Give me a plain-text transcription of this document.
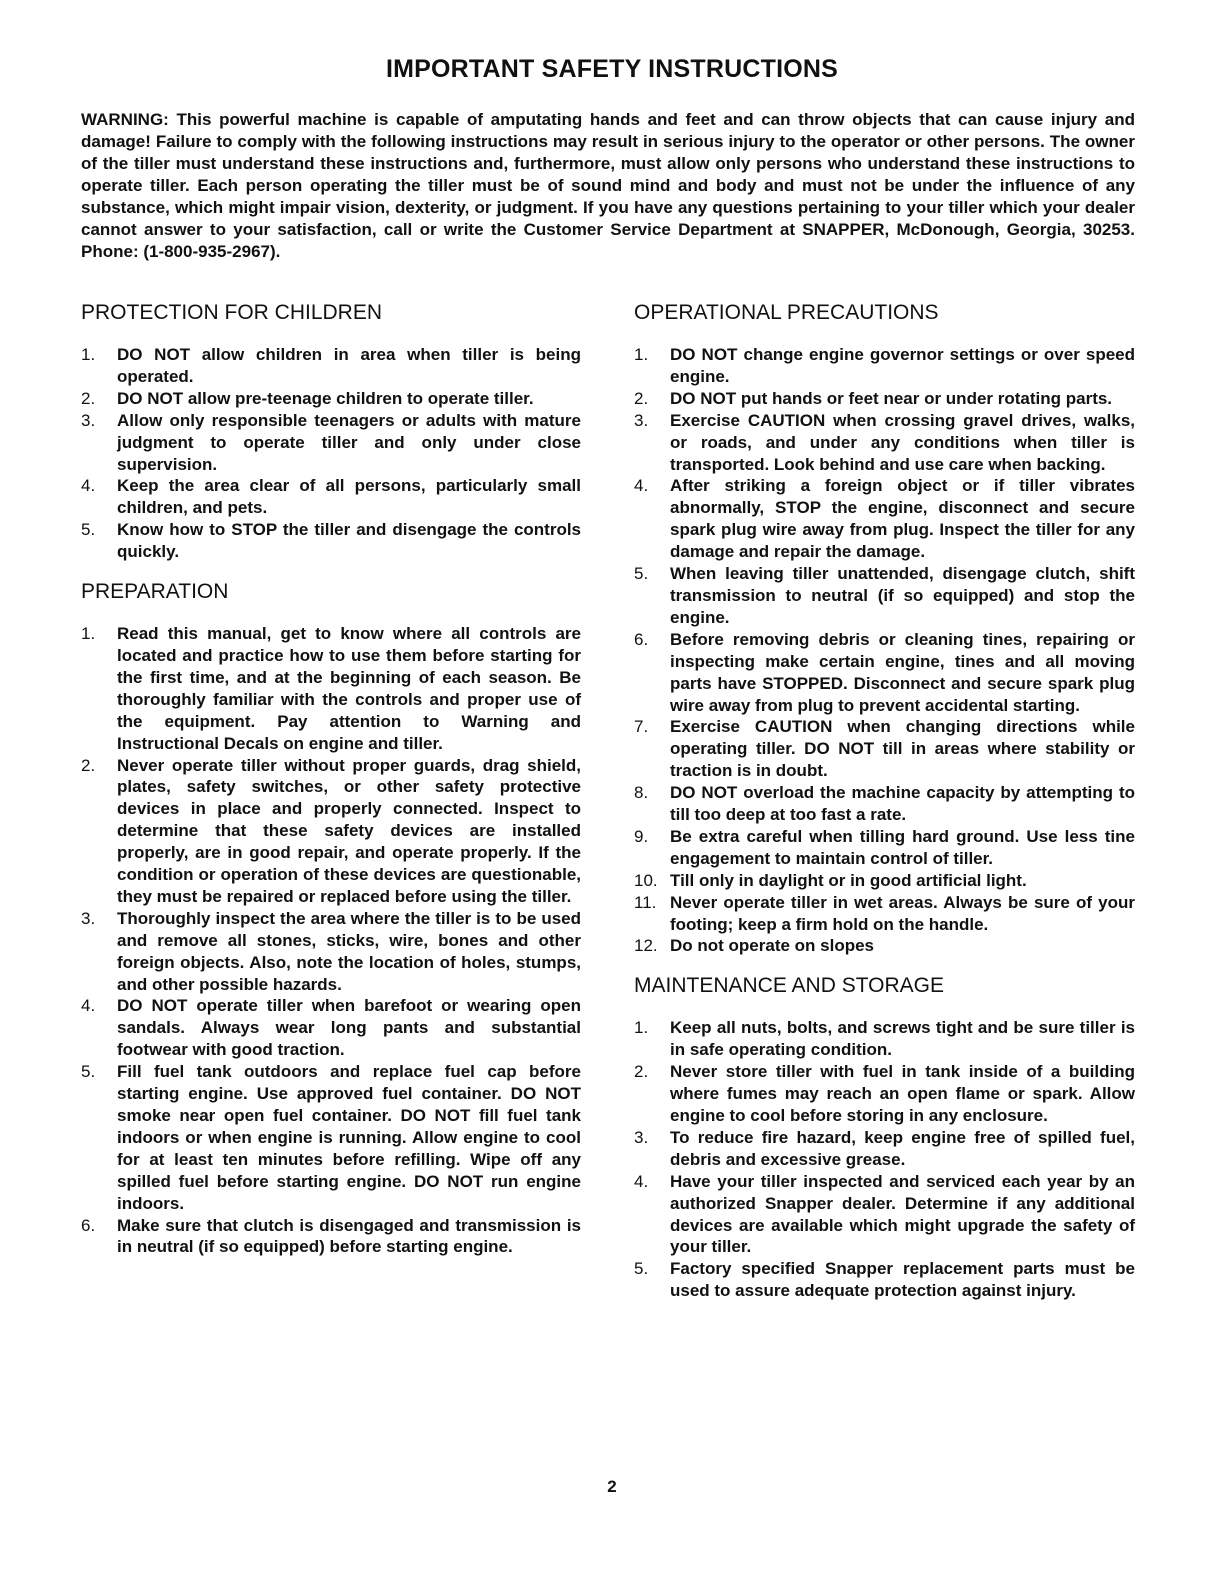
IMPORTANT SAFETY INSTRUCTIONS
WARNING: This powerful machine is capable of amputating hands and feet and can throw objects that can cause injury and damage! Failure to comply with the following instructions may result in serious injury to the operator or other persons. The owner of the tiller must understand these instructions and, furthermore, must allow only persons who understand these instructions to operate tiller. Each person operating the tiller must be of sound mind and body and must not be under the influence of any substance, which might impair vision, dexterity, or judgment. If you have any questions pertaining to your tiller which your dealer cannot answer to your satisfaction, call or write the Customer Service Department at SNAPPER, McDonough, Georgia, 30253. Phone: (1-800-935-2967).
PROTECTION FOR CHILDREN
1. DO NOT allow children in area when tiller is being operated.
2. DO NOT allow pre-teenage children to operate tiller.
3. Allow only responsible teenagers or adults with mature judgment to operate tiller and only under close supervision.
4. Keep the area clear of all persons, particularly small children, and pets.
5. Know how to STOP the tiller and disengage the controls quickly.
PREPARATION
1. Read this manual, get to know where all controls are located and practice how to use them before starting for the first time, and at the beginning of each season. Be thoroughly familiar with the controls and proper use of the equipment. Pay attention to Warning and Instructional Decals on engine and tiller.
2. Never operate tiller without proper guards, drag shield, plates, safety switches, or other safety protective devices in place and properly connected. Inspect to determine that these safety devices are installed properly, are in good repair, and operate properly. If the condition or operation of these devices are questionable, they must be repaired or replaced before using the tiller.
3. Thoroughly inspect the area where the tiller is to be used and remove all stones, sticks, wire, bones and other foreign objects. Also, note the location of holes, stumps, and other possible hazards.
4. DO NOT operate tiller when barefoot or wearing open sandals. Always wear long pants and substantial footwear with good traction.
5. Fill fuel tank outdoors and replace fuel cap before starting engine. Use approved fuel container. DO NOT smoke near open fuel container. DO NOT fill fuel tank indoors or when engine is running. Allow engine to cool for at least ten minutes before refilling. Wipe off any spilled fuel before starting engine. DO NOT run engine indoors.
6. Make sure that clutch is disengaged and transmission is in neutral (if so equipped) before starting engine.
OPERATIONAL PRECAUTIONS
1. DO NOT change engine governor settings or over speed engine.
2. DO NOT put hands or feet near or under rotating parts.
3. Exercise CAUTION when crossing gravel drives, walks, or roads, and under any conditions when tiller is transported. Look behind and use care when backing.
4. After striking a foreign object or if tiller vibrates abnormally, STOP the engine, disconnect and secure spark plug wire away from plug. Inspect the tiller for any damage and repair the damage.
5. When leaving tiller unattended, disengage clutch, shift transmission to neutral (if so equipped) and stop the engine.
6. Before removing debris or cleaning tines, repairing or inspecting make certain engine, tines and all moving parts have STOPPED. Disconnect and secure spark plug wire away from plug to prevent accidental starting.
7. Exercise CAUTION when changing directions while operating tiller. DO NOT till in areas where stability or traction is in doubt.
8. DO NOT overload the machine capacity by attempting to till too deep at too fast a rate.
9. Be extra careful when tilling hard ground. Use less tine engagement to maintain control of tiller.
10. Till only in daylight or in good artificial light.
11. Never operate tiller in wet areas. Always be sure of your footing; keep a firm hold on the handle.
12. Do not operate on slopes
MAINTENANCE AND STORAGE
1. Keep all nuts, bolts, and screws tight and be sure tiller is in safe operating condition.
2. Never store tiller with fuel in tank inside of a building where fumes may reach an open flame or spark. Allow engine to cool before storing in any enclosure.
3. To reduce fire hazard, keep engine free of spilled fuel, debris and excessive grease.
4. Have your tiller inspected and serviced each year by an authorized Snapper dealer. Determine if any additional devices are available which might upgrade the safety of your tiller.
5. Factory specified Snapper replacement parts must be used to assure adequate protection against injury.
2
